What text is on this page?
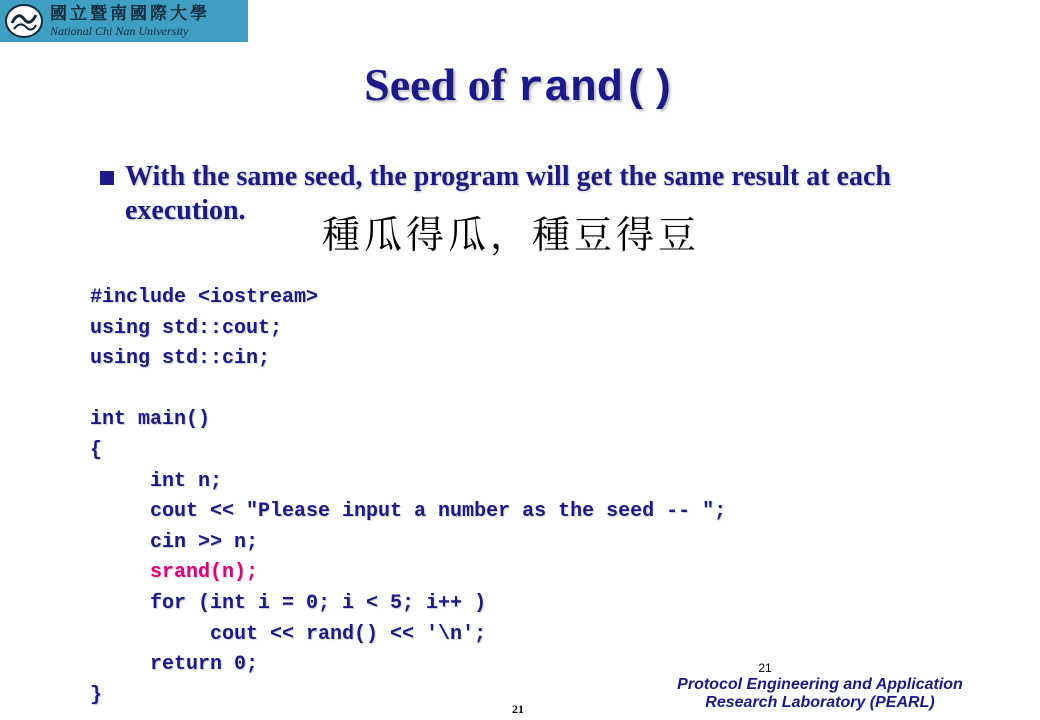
國立暨南國際大學
National Chi Nan University
Seed of rand()
With the same seed, the program will get the same result at each execution.
種瓜得瓜，種豆得豆
#include <iostream>
using std::cout;
using std::cin;
int main()
{
int n;
cout << "Please input a number as the seed -- ";
cin >> n;
srand(n);
for (int i = 0; i < 5; i++ )
cout << rand() << '\n';
return 0;
}
21
Protocol Engineering and Application
Research Laboratory (PEARL)
21
